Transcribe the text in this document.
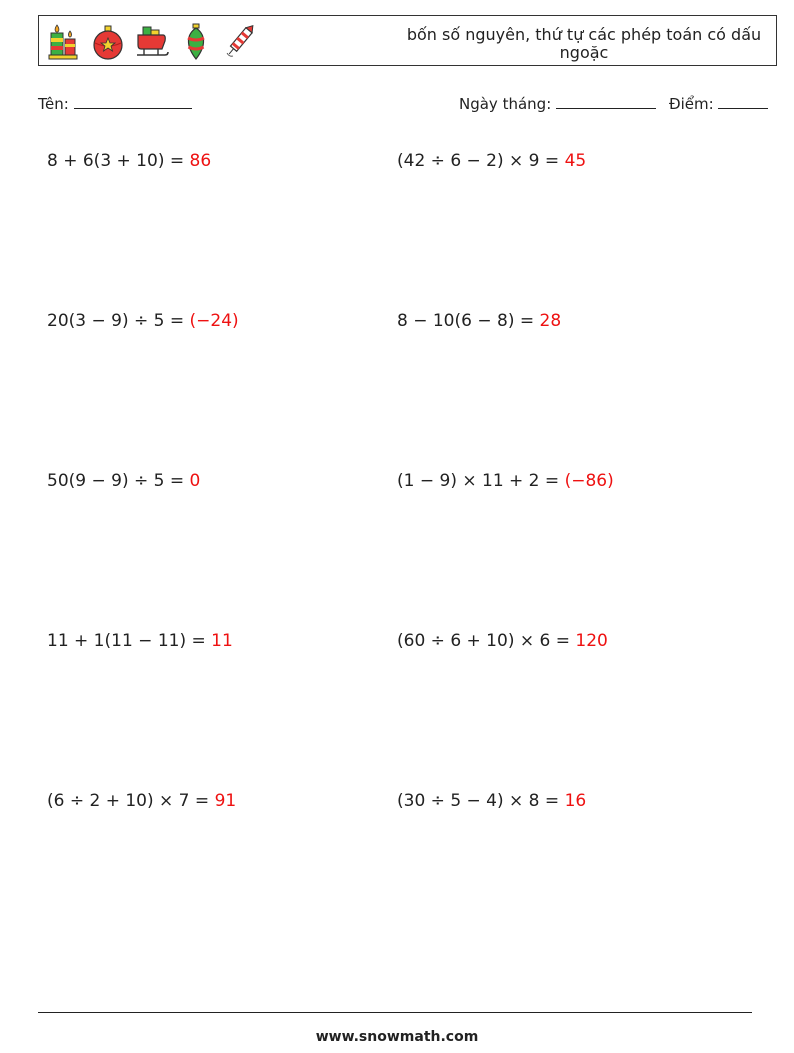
bốn số nguyên, thứ tự các phép toán có dấu ngoặc
Tên:	Ngày tháng:	Điểm:
8 + 6(3 + 10) = 86	(42 ÷ 6 − 2) × 9 = 45
20(3 − 9) ÷ 5 = (−24)	8 − 10(6 − 8) = 28
50(9 − 9) ÷ 5 = 0	(1 − 9) × 11 + 2 = (−86)
11 + 1(11 − 11) = 11	(60 ÷ 6 + 10) × 6 = 120
(6 ÷ 2 + 10) × 7 = 91	(30 ÷ 5 − 4) × 8 = 16
www.snowmath.com
